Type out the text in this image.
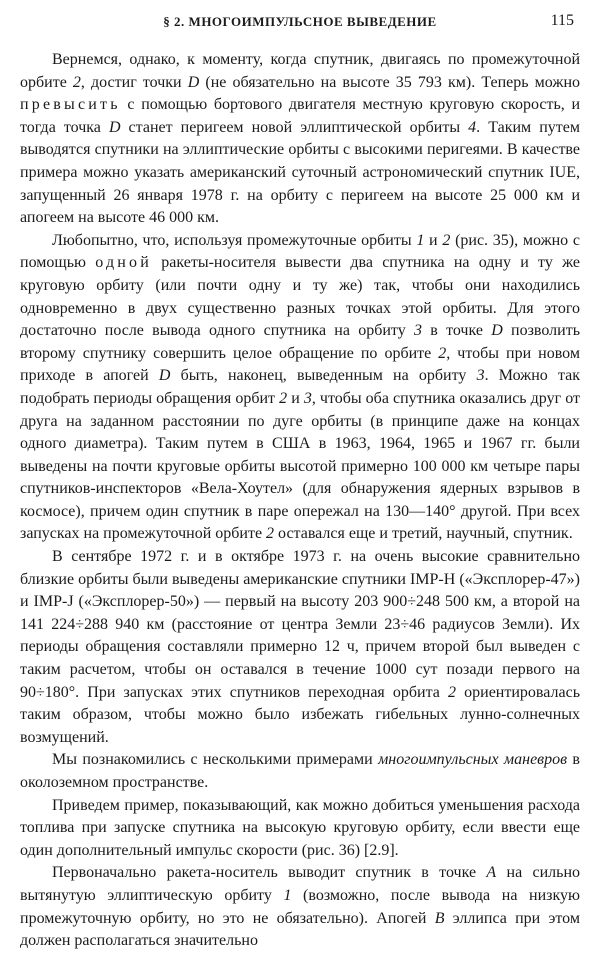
§ 2. МНОГОИМПУЛЬСНОЕ ВЫВЕДЕНИЕ	115

Вернемся, однако, к моменту, когда спутник, двигаясь по промежуточной орбите 2, достиг точки D (не обязательно на высоте 35 793 км). Теперь можно превысить с помощью бортового двигателя местную круговую скорость, и тогда точка D станет перигеем новой эллиптической орбиты 4. Таким путем выводятся спутники на эллиптические орбиты с высокими перигеями. В качестве примера можно указать американский суточный астрономический спутник IUE, запущенный 26 января 1978 г. на орбиту с перигеем на высоте 25 000 км и апогеем на высоте 46 000 км.

Любопытно, что, используя промежуточные орбиты 1 и 2 (рис. 35), можно с помощью одной ракеты-носителя вывести два спутника на одну и ту же круговую орбиту (или почти одну и ту же) так, чтобы они находились одновременно в двух существенно разных точках этой орбиты. Для этого достаточно после вывода одного спутника на орбиту 3 в точке D позволить второму спутнику совершить целое обращение по орбите 2, чтобы при новом приходе в апогей D быть, наконец, выведенным на орбиту 3. Можно так подобрать периоды обращения орбит 2 и 3, чтобы оба спутника оказались друг от друга на заданном расстоянии по дуге орбиты (в принципе даже на концах одного диаметра). Таким путем в США в 1963, 1964, 1965 и 1967 гг. были выведены на почти круговые орбиты высотой примерно 100 000 км четыре пары спутников-инспекторов «Вела-Хоутел» (для обнаружения ядерных взрывов в космосе), причем один спутник в паре опережал на 130—140° другой. При всех запусках на промежуточной орбите 2 оставался еще и третий, научный, спутник.

В сентябре 1972 г. и в октябре 1973 г. на очень высокие сравнительно близкие орбиты были выведены американские спутники IMP-H («Эксплорер-47») и IMP-J («Эксплорер-50») — первый на высоту 203 900÷248 500 км, а второй на 141 224÷288 940 км (расстояние от центра Земли 23÷46 радиусов Земли). Их периоды обращения составляли примерно 12 ч, причем второй был выведен с таким расчетом, чтобы он оставался в течение 1000 сут позади первого на 90÷180°. При запусках этих спутников переходная орбита 2 ориентировалась таким образом, чтобы можно было избежать гибельных лунно-солнечных возмущений.

Мы познакомились с несколькими примерами многоимпульсных маневров в околоземном пространстве.

Приведем пример, показывающий, как можно добиться уменьшения расхода топлива при запуске спутника на высокую круговую орбиту, если ввести еще один дополнительный импульс скорости (рис. 36) [2.9].

Первоначально ракета-носитель выводит спутник в точке A на сильно вытянутую эллиптическую орбиту 1 (возможно, после вывода на низкую промежуточную орбиту, но это не обязательно). Апогей B эллипса при этом должен располагаться значительно
